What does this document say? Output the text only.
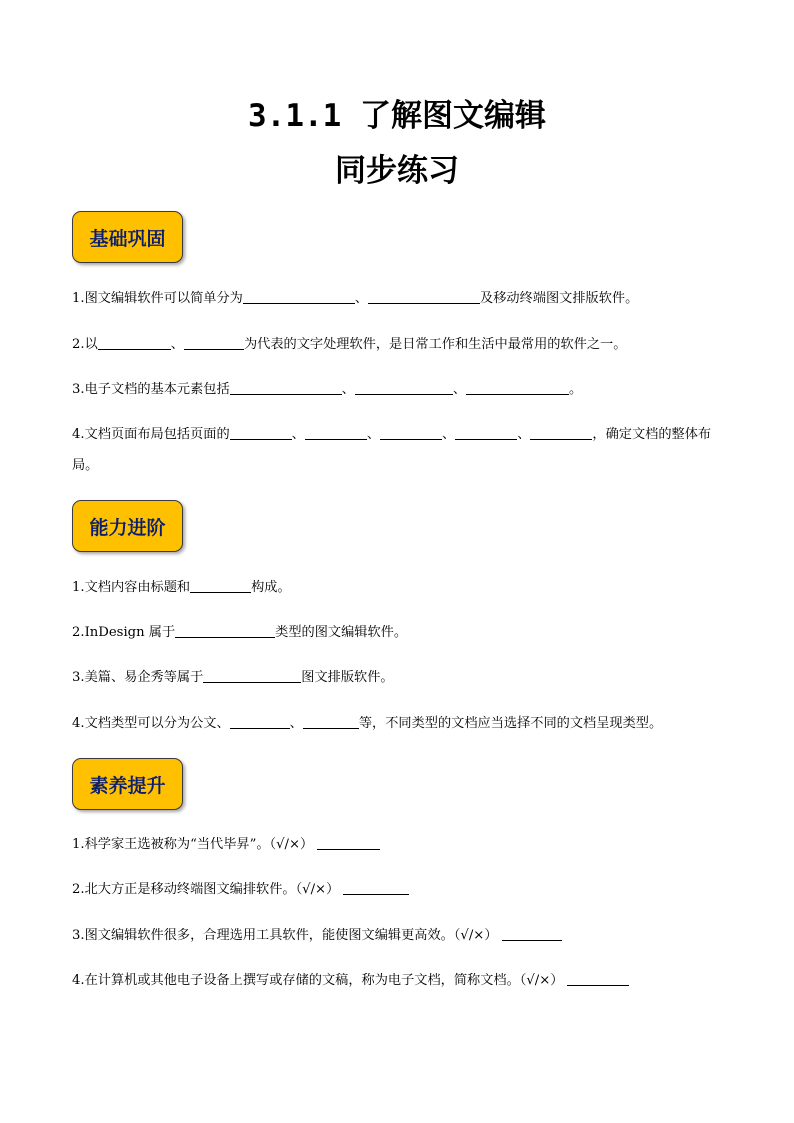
3.1.1 了解图文编辑
同步练习
基础巩固
1.图文编辑软件可以简单分为	、	及移动终端图文排版软件。
2.以	、	为代表的文字处理软件，是日常工作和生活中最常用的软件之一。
3.电子文档的基本元素包括	、	、	。
4.文档页面布局包括页面的	、	、	、	、	，确定文档的整体布局。
能力进阶
1.文档内容由标题和	构成。
2.InDesign 属于	类型的图文编辑软件。
3.美篇、易企秀等属于	图文排版软件。
4.文档类型可以分为公文、	、	等，不同类型的文档应当选择不同的文档呈现类型。
素养提升
1.科学家王选被称为“当代毕昇”。（√/×）
2.北大方正是移动终端图文编排软件。（√/×）
3.图文编辑软件很多，合理选用工具软件，能使图文编辑更高效。（√/×）
4.在计算机或其他电子设备上撰写或存储的文稿，称为电子文档，简称文档。（√/×）
